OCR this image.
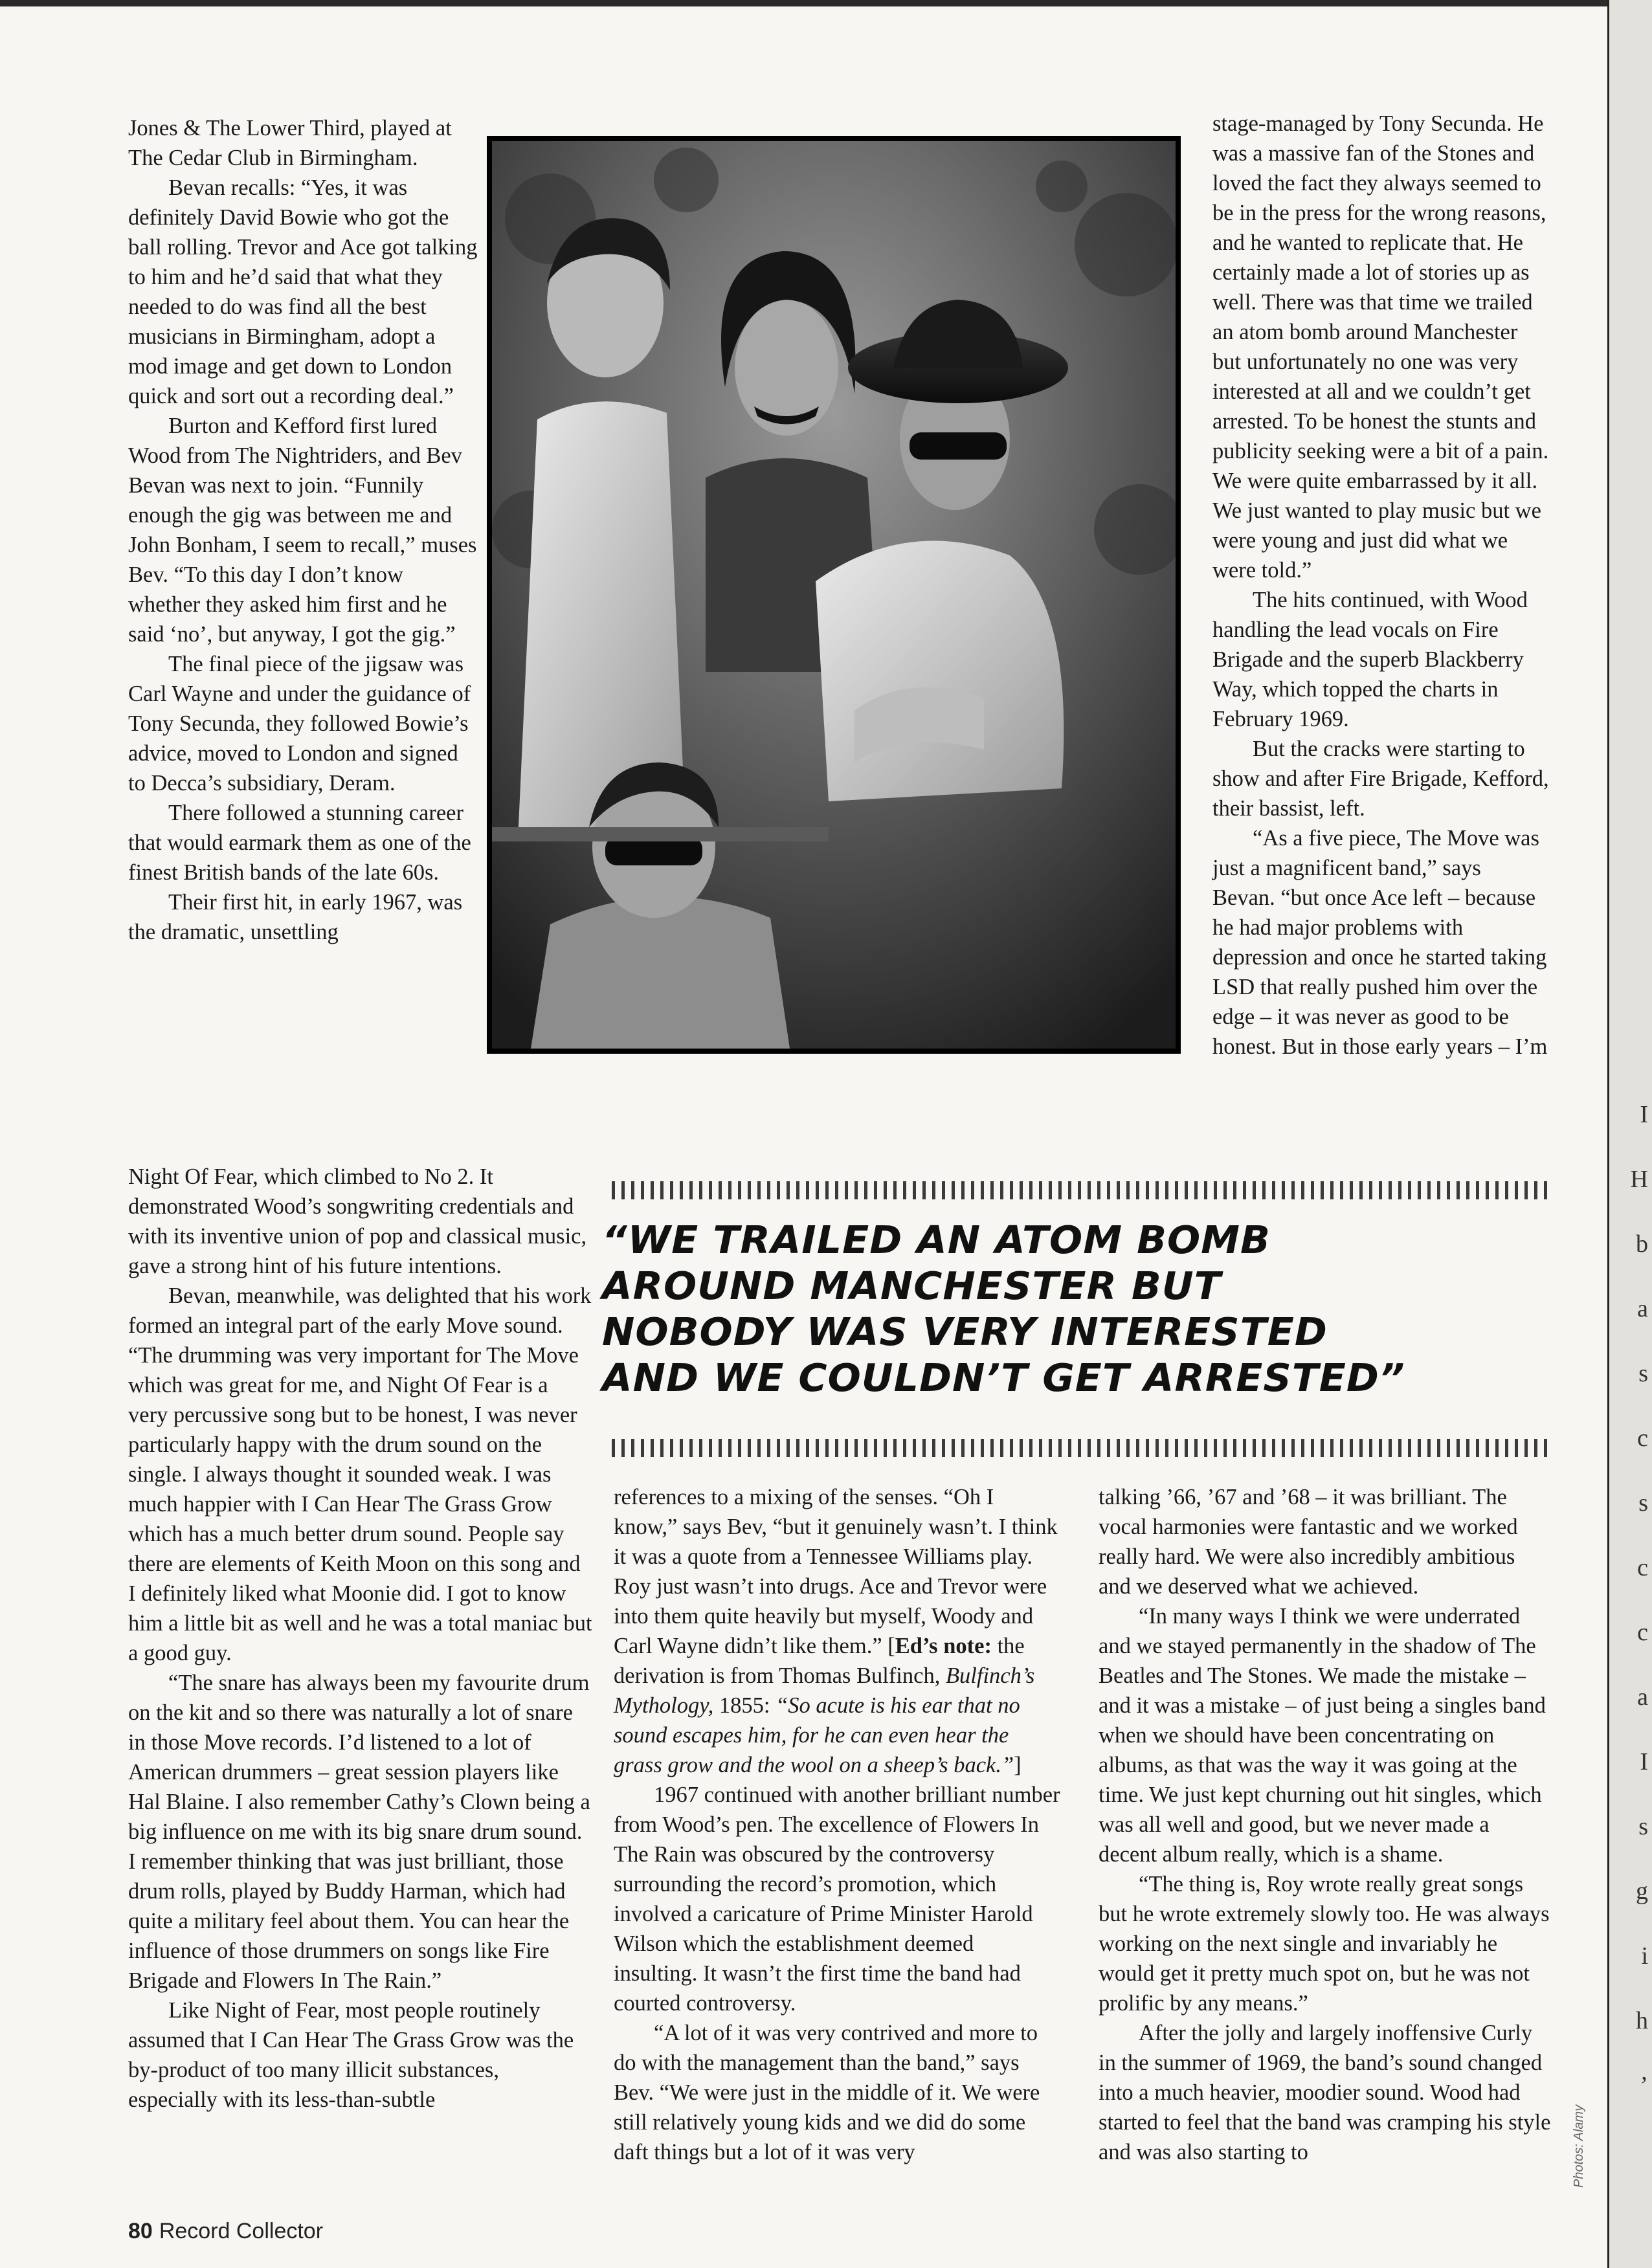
Jones & The Lower Third, played at The Cedar Club in Birmingham.

Bevan recalls: “Yes, it was definitely David Bowie who got the ball rolling. Trevor and Ace got talking to him and he’d said that what they needed to do was find all the best musicians in Birmingham, adopt a mod image and get down to London quick and sort out a recording deal.”

Burton and Kefford first lured Wood from The Nightriders, and Bev Bevan was next to join. “Funnily enough the gig was between me and John Bonham, I seem to recall,” muses Bev. “To this day I don’t know whether they asked him first and he said ‘no’, but anyway, I got the gig.”

The final piece of the jigsaw was Carl Wayne and under the guidance of Tony Secunda, they followed Bowie’s advice, moved to London and signed to Decca’s subsidiary, Deram.

There followed a stunning career that would earmark them as one of the finest British bands of the late 60s.

Their first hit, in early 1967, was the dramatic, unsettling

stage-managed by Tony Secunda. He was a massive fan of the Stones and loved the fact they always seemed to be in the press for the wrong reasons, and he wanted to replicate that. He certainly made a lot of stories up as well. There was that time we trailed an atom bomb around Manchester but unfortunately no one was very interested at all and we couldn’t get arrested. To be honest the stunts and publicity seeking were a bit of a pain. We were quite embarrassed by it all. We just wanted to play music but we were young and just did what we were told.”

The hits continued, with Wood handling the lead vocals on Fire Brigade and the superb Blackberry Way, which topped the charts in February 1969.

But the cracks were starting to show and after Fire Brigade, Kefford, their bassist, left.

“As a five piece, The Move was just a magnificent band,” says Bevan. “but once Ace left – because he had major problems with depression and once he started taking LSD that really pushed him over the edge – it was never as good to be honest. But in those early years – I’m

“WE TRAILED AN ATOM BOMB
AROUND MANCHESTER BUT
NOBODY WAS VERY INTERESTED
AND WE COULDN’T GET ARRESTED”

Night Of Fear, which climbed to No 2. It demonstrated Wood’s songwriting credentials and with its inventive union of pop and classical music, gave a strong hint of his future intentions.

Bevan, meanwhile, was delighted that his work formed an integral part of the early Move sound. “The drumming was very important for The Move which was great for me, and Night Of Fear is a very percussive song but to be honest, I was never particularly happy with the drum sound on the single. I always thought it sounded weak. I was much happier with I Can Hear The Grass Grow which has a much better drum sound. People say there are elements of Keith Moon on this song and I definitely liked what Moonie did. I got to know him a little bit as well and he was a total maniac but a good guy.

“The snare has always been my favourite drum on the kit and so there was naturally a lot of snare in those Move records. I’d listened to a lot of American drummers – great session players like Hal Blaine. I also remember Cathy’s Clown being a big influence on me with its big snare drum sound. I remember thinking that was just brilliant, those drum rolls, played by Buddy Harman, which had quite a military feel about them. You can hear the influence of those drummers on songs like Fire Brigade and Flowers In The Rain.”

Like Night of Fear, most people routinely assumed that I Can Hear The Grass Grow was the by-product of too many illicit substances, especially with its less-than-subtle

references to a mixing of the senses. “Oh I know,” says Bev, “but it genuinely wasn’t. I think it was a quote from a Tennessee Williams play. Roy just wasn’t into drugs. Ace and Trevor were into them quite heavily but myself, Woody and Carl Wayne didn’t like them.” [Ed’s note: the derivation is from Thomas Bulfinch, Bulfinch’s Mythology, 1855: “So acute is his ear that no sound escapes him, for he can even hear the grass grow and the wool on a sheep’s back.”]

1967 continued with another brilliant number from Wood’s pen. The excellence of Flowers In The Rain was obscured by the controversy surrounding the record’s promotion, which involved a caricature of Prime Minister Harold Wilson which the establishment deemed insulting. It wasn’t the first time the band had courted controversy.

“A lot of it was very contrived and more to do with the management than the band,” says Bev. “We were just in the middle of it. We were still relatively young kids and we did do some daft things but a lot of it was very

talking ’66, ’67 and ’68 – it was brilliant. The vocal harmonies were fantastic and we worked really hard. We were also incredibly ambitious and we deserved what we achieved.

“In many ways I think we were underrated and we stayed permanently in the shadow of The Beatles and The Stones. We made the mistake – and it was a mistake – of just being a singles band when we should have been concentrating on albums, as that was the way it was going at the time. We just kept churning out hit singles, which was all well and good, but we never made a decent album really, which is a shame.

“The thing is, Roy wrote really great songs but he wrote extremely slowly too. He was always working on the next single and invariably he would get it pretty much spot on, but he was not prolific by any means.”

After the jolly and largely inoffensive Curly in the summer of 1969, the band’s sound changed into a much heavier, moodier sound. Wood had started to feel that the band was cramping his style and was also starting to

80 Record Collector
Photos: Alamy
I
H
b
a
s
c
s
c
c
a
I
s
g
i
h
’
